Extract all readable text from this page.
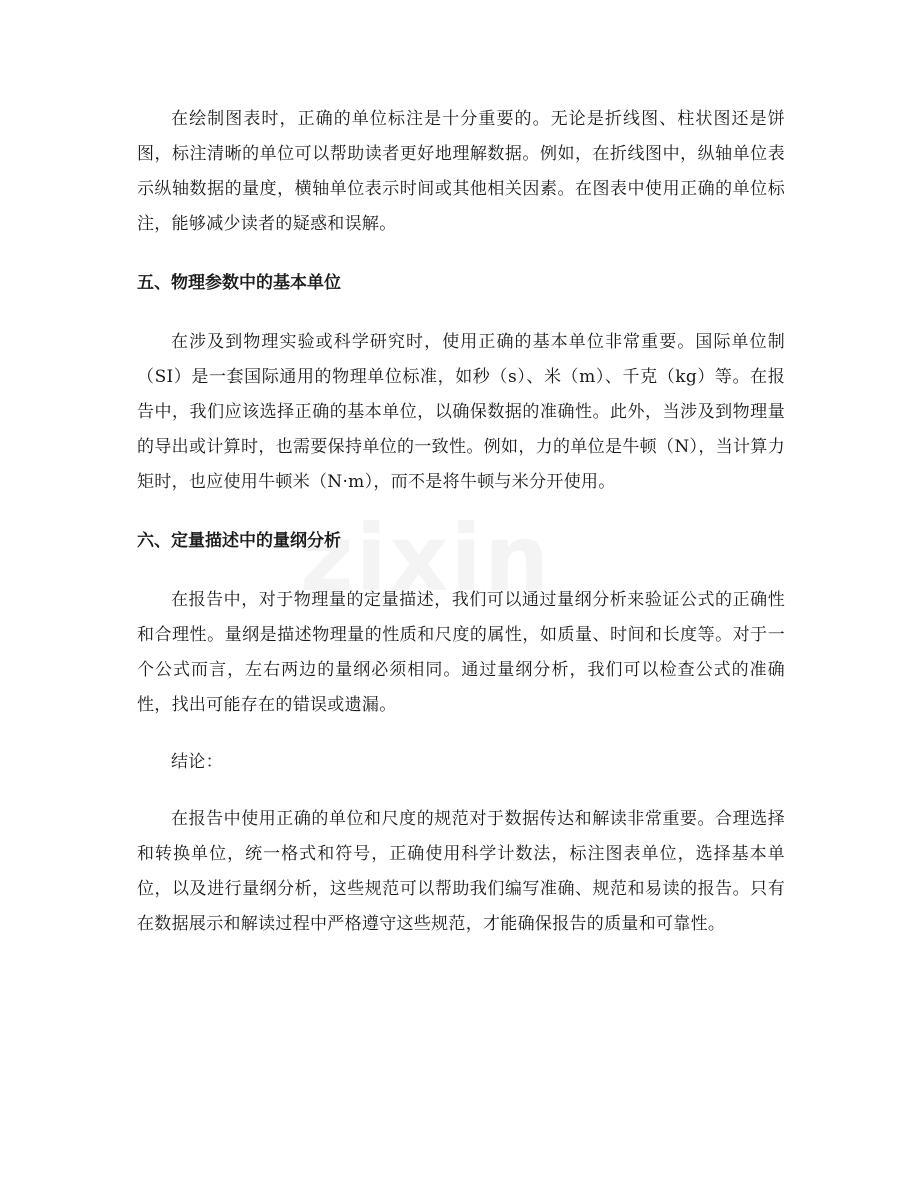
在绘制图表时，正确的单位标注是十分重要的。无论是折线图、柱状图还是饼图，标注清晰的单位可以帮助读者更好地理解数据。例如，在折线图中，纵轴单位表示纵轴数据的量度，横轴单位表示时间或其他相关因素。在图表中使用正确的单位标注，能够减少读者的疑惑和误解。

五、物理参数中的基本单位

在涉及到物理实验或科学研究时，使用正确的基本单位非常重要。国际单位制（SI）是一套国际通用的物理单位标准，如秒（s）、米（m）、千克（kg）等。在报告中，我们应该选择正确的基本单位，以确保数据的准确性。此外，当涉及到物理量的导出或计算时，也需要保持单位的一致性。例如，力的单位是牛顿（N），当计算力矩时，也应使用牛顿米（N·m），而不是将牛顿与米分开使用。

六、定量描述中的量纲分析

在报告中，对于物理量的定量描述，我们可以通过量纲分析来验证公式的正确性和合理性。量纲是描述物理量的性质和尺度的属性，如质量、时间和长度等。对于一个公式而言，左右两边的量纲必须相同。通过量纲分析，我们可以检查公式的准确性，找出可能存在的错误或遗漏。

结论：

在报告中使用正确的单位和尺度的规范对于数据传达和解读非常重要。合理选择和转换单位，统一格式和符号，正确使用科学计数法，标注图表单位，选择基本单位，以及进行量纲分析，这些规范可以帮助我们编写准确、规范和易读的报告。只有在数据展示和解读过程中严格遵守这些规范，才能确保报告的质量和可靠性。
